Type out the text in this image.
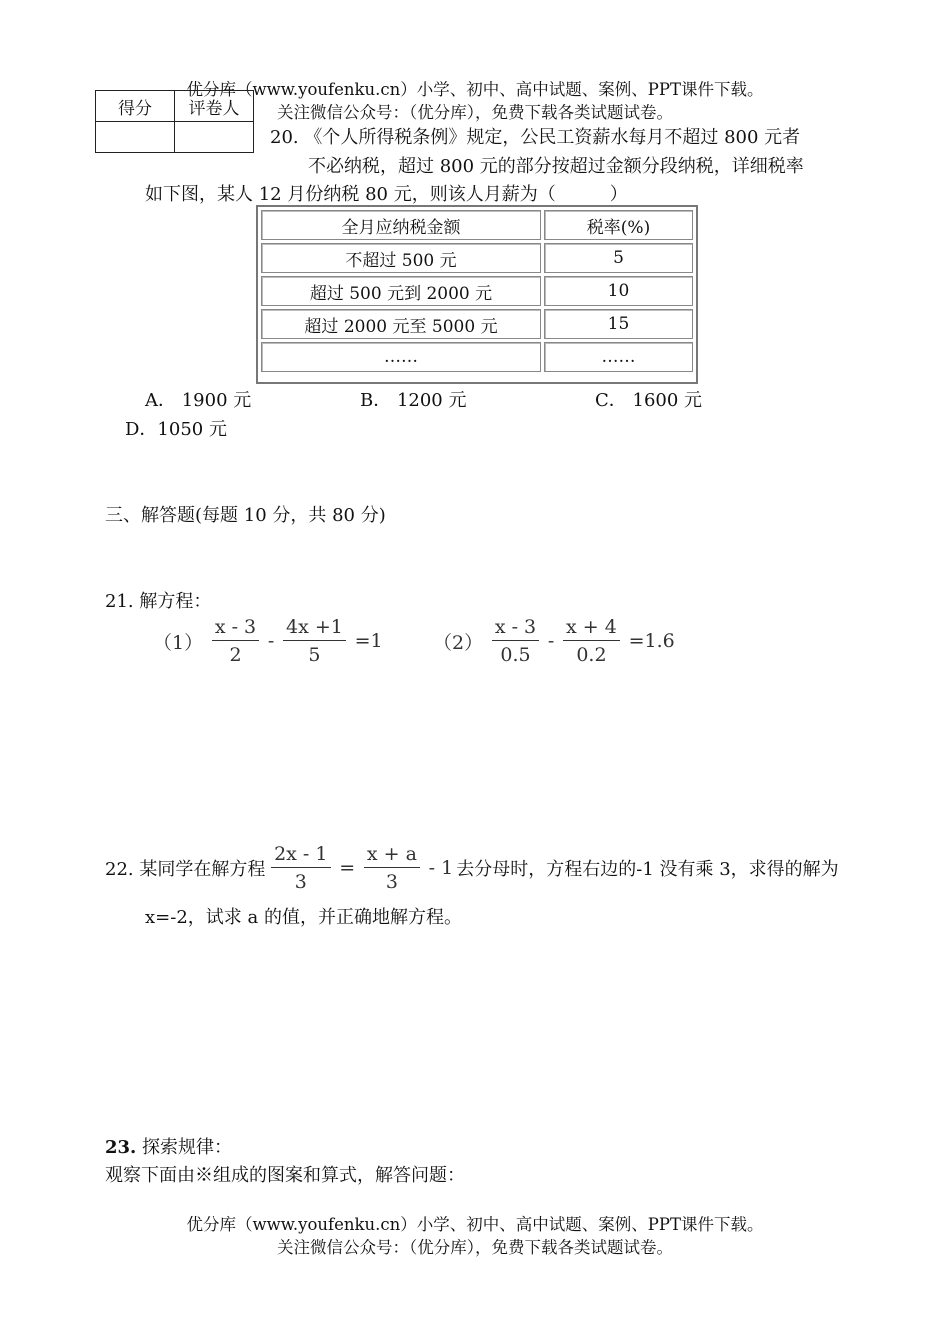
优分库（www.youfenku.cn）小学、初中、高中试题、案例、PPT课件下载。
关注微信公众号：（优分库），免费下载各类试题试卷。
得分	评卷人

20. 《个人所得税条例》规定，公民工资薪水每月不超过 800 元者
不必纳税，超过 800 元的部分按超过金额分段纳税，详细税率
如下图，某人 12 月份纳税 80 元，则该人月薪为（　　　）
全月应纳税金额	税率(%)
不超过 500 元	5
超过 500 元到 2000 元	10
超过 2000 元至 5000 元	15
……	……
A． 1900 元	B． 1200 元	C． 1600 元
D．1050 元
三、解答题(每题 10 分，共 80 分)
21. 解方程：
$(1) \frac{x - 3}{2} - \frac{4x +1}{5} =1$	$(2) \frac{x - 3}{0.5} - \frac{x + 4}{0.2} =1.6$
22. 某同学在解方程 $\frac{2x - 1}{3} = \frac{x + a}{3} - 1$ 去分母时，方程右边的-1 没有乘 3，求得的解为
x=-2，试求 a 的值，并正确地解方程。
23. 探索规律：
观察下面由※组成的图案和算式，解答问题：
优分库（www.youfenku.cn）小学、初中、高中试题、案例、PPT课件下载。
关注微信公众号：（优分库），免费下载各类试题试卷。
